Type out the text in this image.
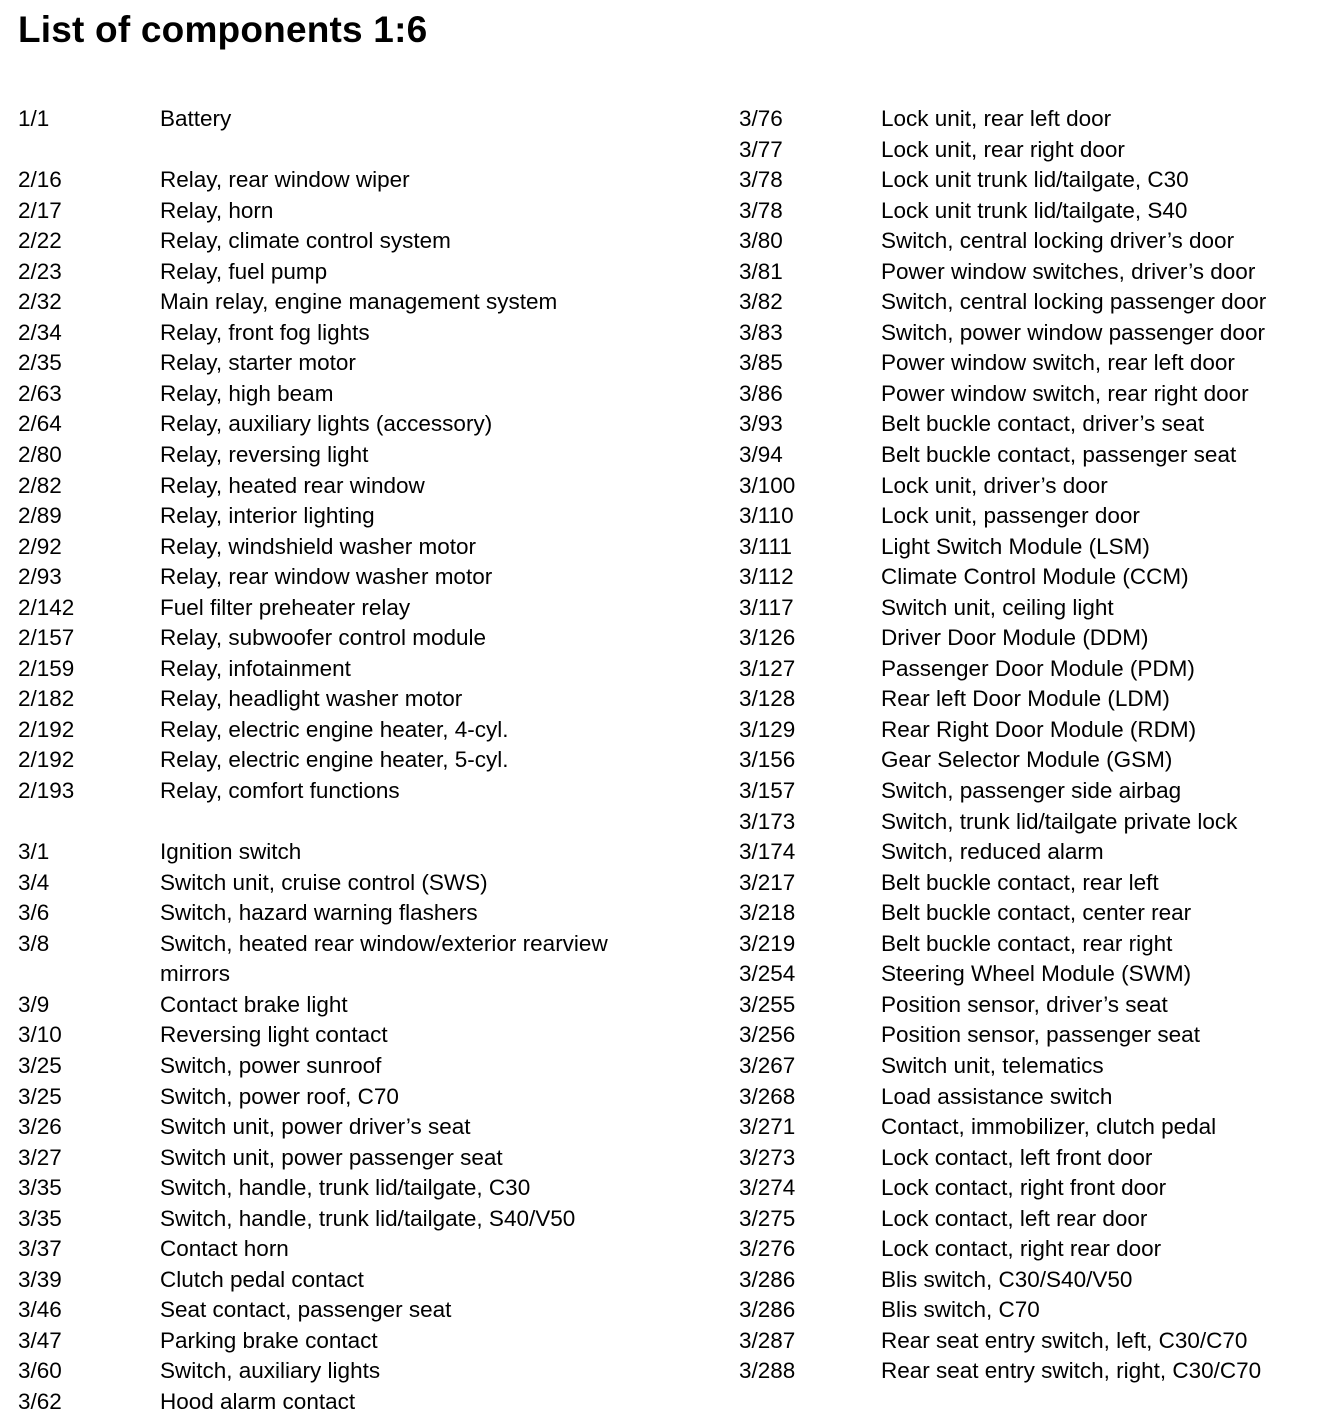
List of components 1:6
1/1	Battery
2/16	Relay, rear window wiper
2/17	Relay, horn
2/22	Relay, climate control system
2/23	Relay, fuel pump
2/32	Main relay, engine management system
2/34	Relay, front fog lights
2/35	Relay, starter motor
2/63	Relay, high beam
2/64	Relay, auxiliary lights (accessory)
2/80	Relay, reversing light
2/82	Relay, heated rear window
2/89	Relay, interior lighting
2/92	Relay, windshield washer motor
2/93	Relay, rear window washer motor
2/142	Fuel filter preheater relay
2/157	Relay, subwoofer control module
2/159	Relay, infotainment
2/182	Relay, headlight washer motor
2/192	Relay, electric engine heater, 4-cyl.
2/192	Relay, electric engine heater, 5-cyl.
2/193	Relay, comfort functions
3/1	Ignition switch
3/4	Switch unit, cruise control (SWS)
3/6	Switch, hazard warning flashers
3/8	Switch, heated rear window/exterior rearview
mirrors
3/9	Contact brake light
3/10	Reversing light contact
3/25	Switch, power sunroof
3/25	Switch, power roof, C70
3/26	Switch unit, power driver’s seat
3/27	Switch unit, power passenger seat
3/35	Switch, handle, trunk lid/tailgate, C30
3/35	Switch, handle, trunk lid/tailgate, S40/V50
3/37	Contact horn
3/39	Clutch pedal contact
3/46	Seat contact, passenger seat
3/47	Parking brake contact
3/60	Switch, auxiliary lights
3/62	Hood alarm contact
3/76	Lock unit, rear left door
3/77	Lock unit, rear right door
3/78	Lock unit trunk lid/tailgate, C30
3/78	Lock unit trunk lid/tailgate, S40
3/80	Switch, central locking driver’s door
3/81	Power window switches, driver’s door
3/82	Switch, central locking passenger door
3/83	Switch, power window passenger door
3/85	Power window switch, rear left door
3/86	Power window switch, rear right door
3/93	Belt buckle contact, driver’s seat
3/94	Belt buckle contact, passenger seat
3/100	Lock unit, driver’s door
3/110	Lock unit, passenger door
3/111	Light Switch Module (LSM)
3/112	Climate Control Module (CCM)
3/117	Switch unit, ceiling light
3/126	Driver Door Module (DDM)
3/127	Passenger Door Module (PDM)
3/128	Rear left Door Module (LDM)
3/129	Rear Right Door Module (RDM)
3/156	Gear Selector Module (GSM)
3/157	Switch, passenger side airbag
3/173	Switch, trunk lid/tailgate private lock
3/174	Switch, reduced alarm
3/217	Belt buckle contact, rear left
3/218	Belt buckle contact, center rear
3/219	Belt buckle contact, rear right
3/254	Steering Wheel Module (SWM)
3/255	Position sensor, driver’s seat
3/256	Position sensor, passenger seat
3/267	Switch unit, telematics
3/268	Load assistance switch
3/271	Contact, immobilizer, clutch pedal
3/273	Lock contact, left front door
3/274	Lock contact, right front door
3/275	Lock contact, left rear door
3/276	Lock contact, right rear door
3/286	Blis switch, C30/S40/V50
3/286	Blis switch, C70
3/287	Rear seat entry switch, left, C30/C70
3/288	Rear seat entry switch, right, C30/C70
